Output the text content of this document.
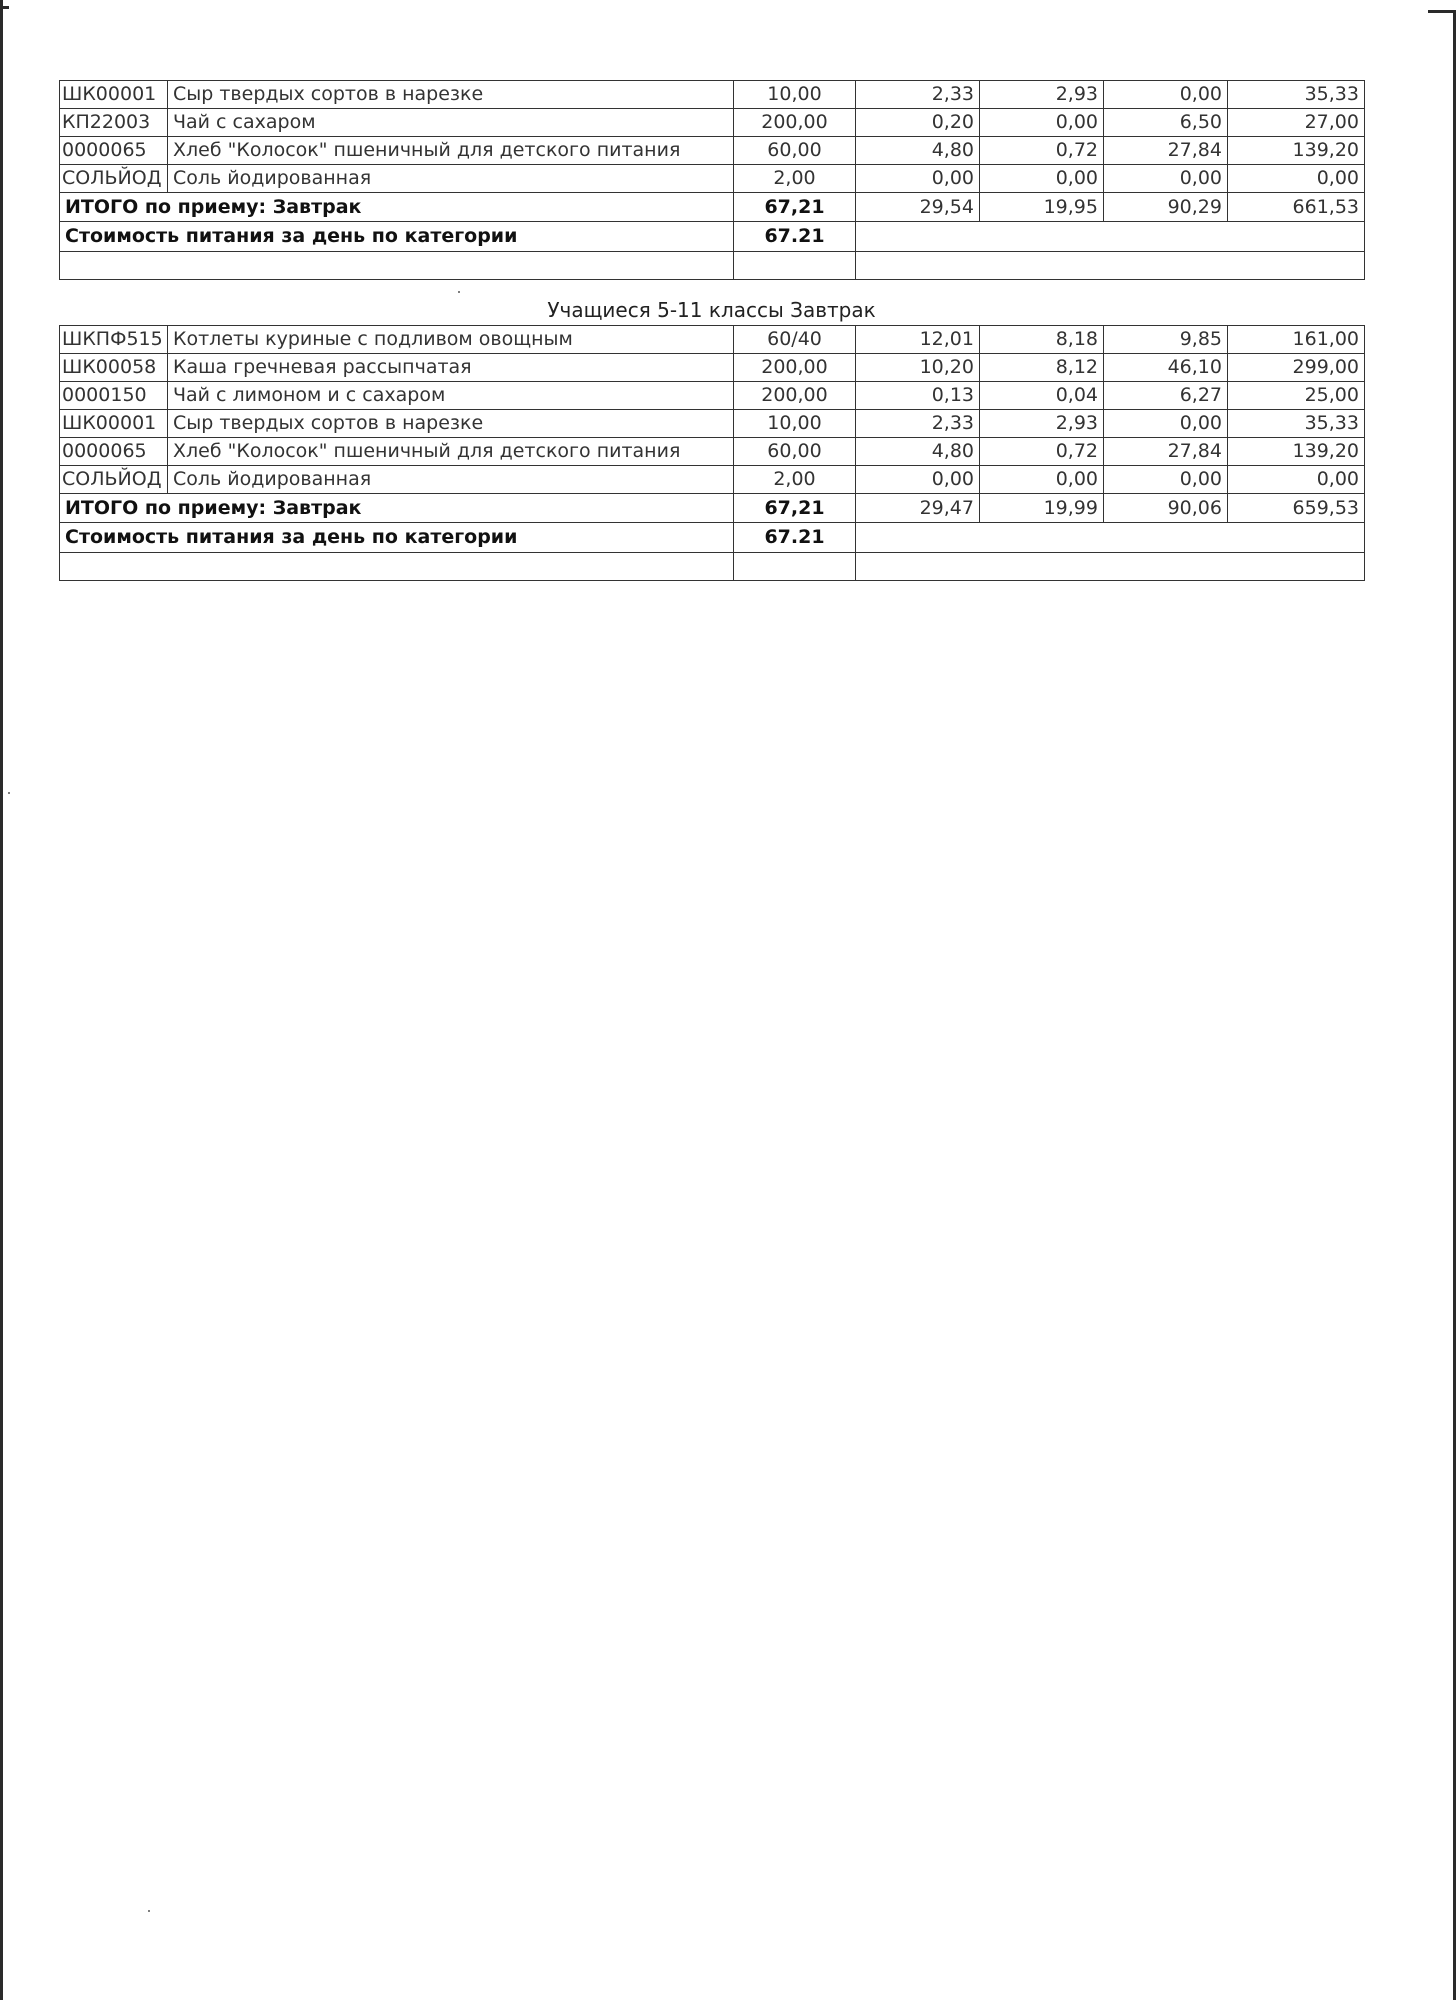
ШК00001	Сыр твердых сортов в нарезке	10,00	2,33	2,93	0,00	35,33
КП22003	Чай с сахаром	200,00	0,20	0,00	6,50	27,00
0000065	Хлеб "Колосок" пшеничный для детского питания	60,00	4,80	0,72	27,84	139,20
СОЛЬЙОД	Соль йодированная	2,00	0,00	0,00	0,00	0,00
ИТОГО по приему: Завтрак		67,21	29,54	19,95	90,29	661,53
Стоимость питания за день по категории		67.21				

Учащиеся 5-11 классы Завтрак
ШКПФ515	Котлеты куриные с подливом овощным	60/40	12,01	8,18	9,85	161,00
ШК00058	Каша гречневая рассыпчатая	200,00	10,20	8,12	46,10	299,00
0000150	Чай с лимоном и с сахаром	200,00	0,13	0,04	6,27	25,00
ШК00001	Сыр твердых сортов в нарезке	10,00	2,33	2,93	0,00	35,33
0000065	Хлеб "Колосок" пшеничный для детского питания	60,00	4,80	0,72	27,84	139,20
СОЛЬЙОД	Соль йодированная	2,00	0,00	0,00	0,00	0,00
ИТОГО по приему: Завтрак		67,21	29,47	19,99	90,06	659,53
Стоимость питания за день по категории		67.21				
